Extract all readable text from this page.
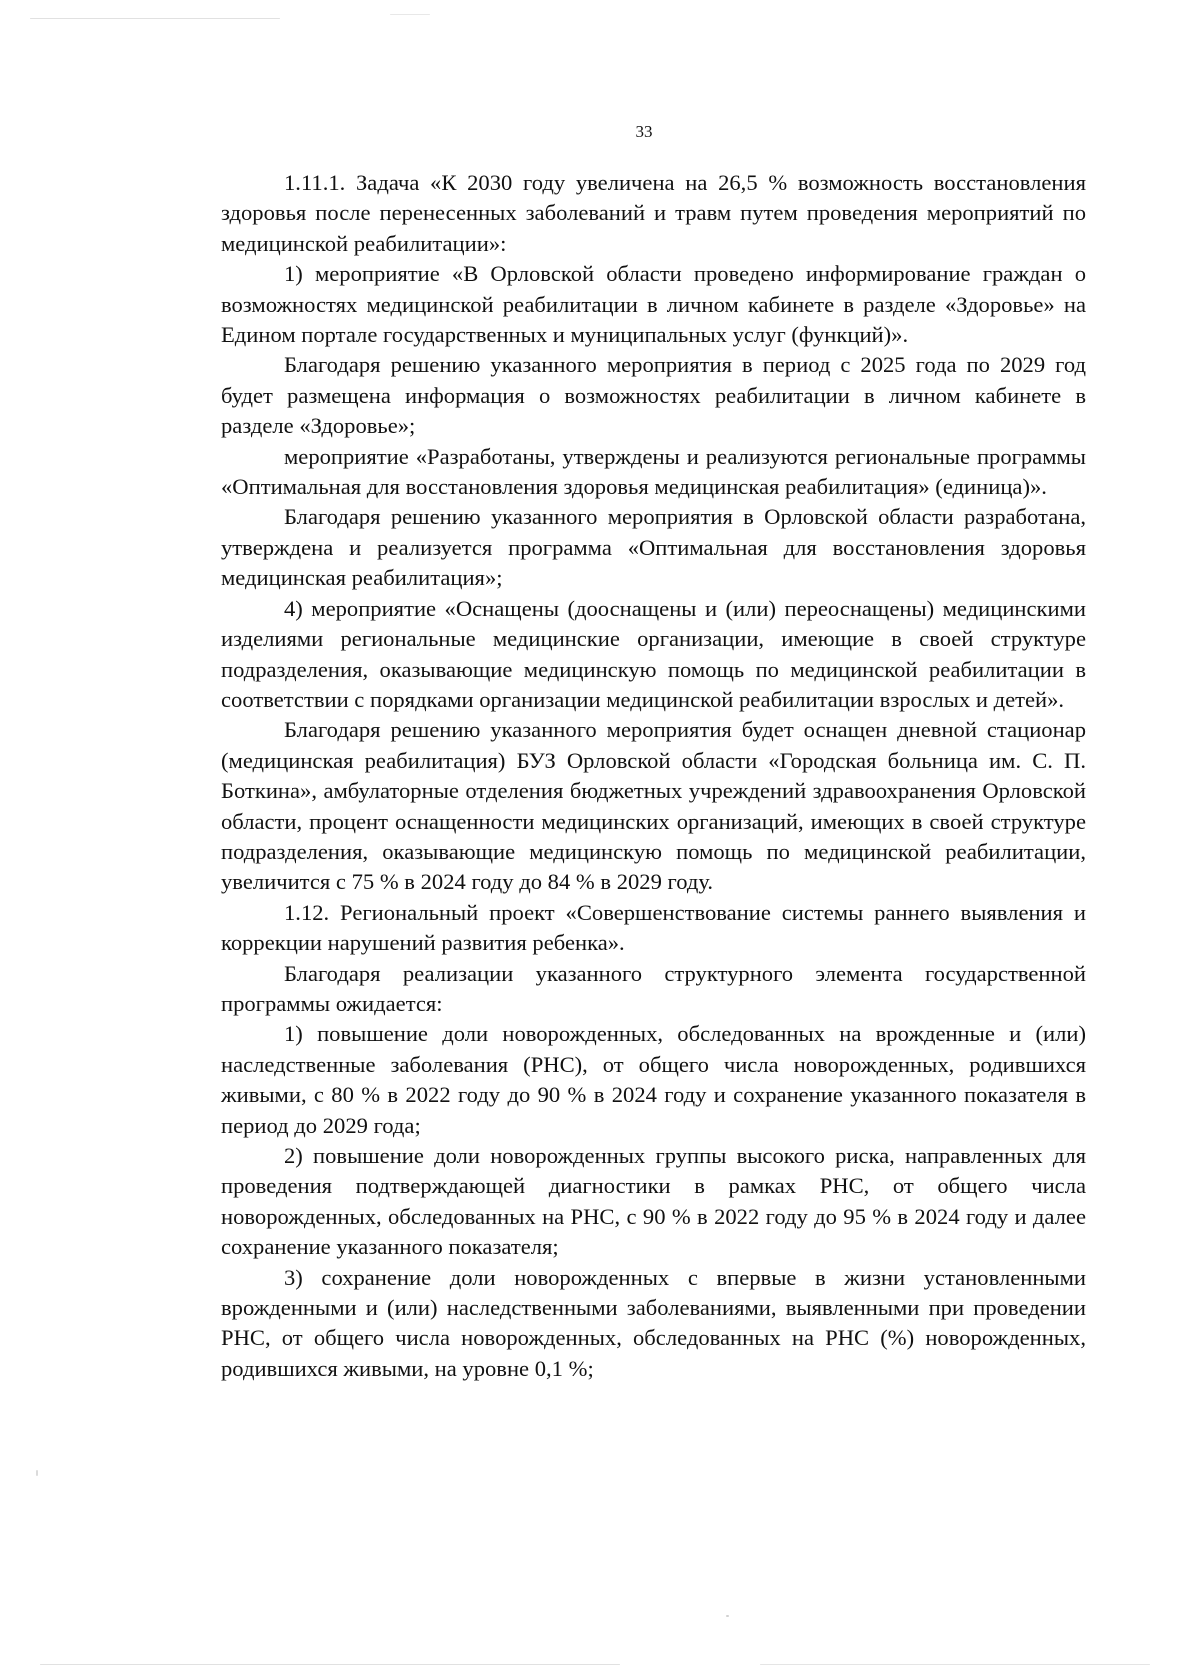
33

1.11.1. Задача «К 2030 году увеличена на 26,5 % возможность восстановления здоровья после перенесенных заболеваний и травм путем проведения мероприятий по медицинской реабилитации»:

1) мероприятие «В Орловской области проведено информирование граждан о возможностях медицинской реабилитации в личном кабинете в разделе «Здоровье» на Едином портале государственных и муниципальных услуг (функций)».

Благодаря решению указанного мероприятия в период с 2025 года по 2029 год будет размещена информация о возможностях реабилитации в личном кабинете в разделе «Здоровье»;

мероприятие «Разработаны, утверждены и реализуются региональные программы «Оптимальная для восстановления здоровья медицинская реабилитация» (единица)».

Благодаря решению указанного мероприятия в Орловской области разработана, утверждена и реализуется программа «Оптимальная для восстановления здоровья медицинская реабилитация»;

4) мероприятие «Оснащены (дооснащены и (или) переоснащены) медицинскими изделиями региональные медицинские организации, имеющие в своей структуре подразделения, оказывающие медицинскую помощь по медицинской реабилитации в соответствии с порядками организации медицинской реабилитации взрослых и детей».

Благодаря решению указанного мероприятия будет оснащен дневной стационар (медицинская реабилитация) БУЗ Орловской области «Городская больница им. С. П. Боткина», амбулаторные отделения бюджетных учреждений здравоохранения Орловской области, процент оснащенности медицинских организаций, имеющих в своей структуре подразделения, оказывающие медицинскую помощь по медицинской реабилитации, увеличится с 75 % в 2024 году до 84 % в 2029 году.

1.12. Региональный проект «Совершенствование системы раннего выявления и коррекции нарушений развития ребенка».

Благодаря реализации указанного структурного элемента государственной программы ожидается:

1) повышение доли новорожденных, обследованных на врожденные и (или) наследственные заболевания (РНС), от общего числа новорожденных, родившихся живыми, с 80 % в 2022 году до 90 % в 2024 году и сохранение указанного показателя в период до 2029 года;

2) повышение доли новорожденных группы высокого риска, направленных для проведения подтверждающей диагностики в рамках РНС, от общего числа новорожденных, обследованных на РНС, с 90 % в 2022 году до 95 % в 2024 году и далее сохранение указанного показателя;

3) сохранение доли новорожденных с впервые в жизни установленными врожденными и (или) наследственными заболеваниями, выявленными при проведении РНС, от общего числа новорожденных, обследованных на РНС (%) новорожденных, родившихся живыми, на уровне 0,1 %;
